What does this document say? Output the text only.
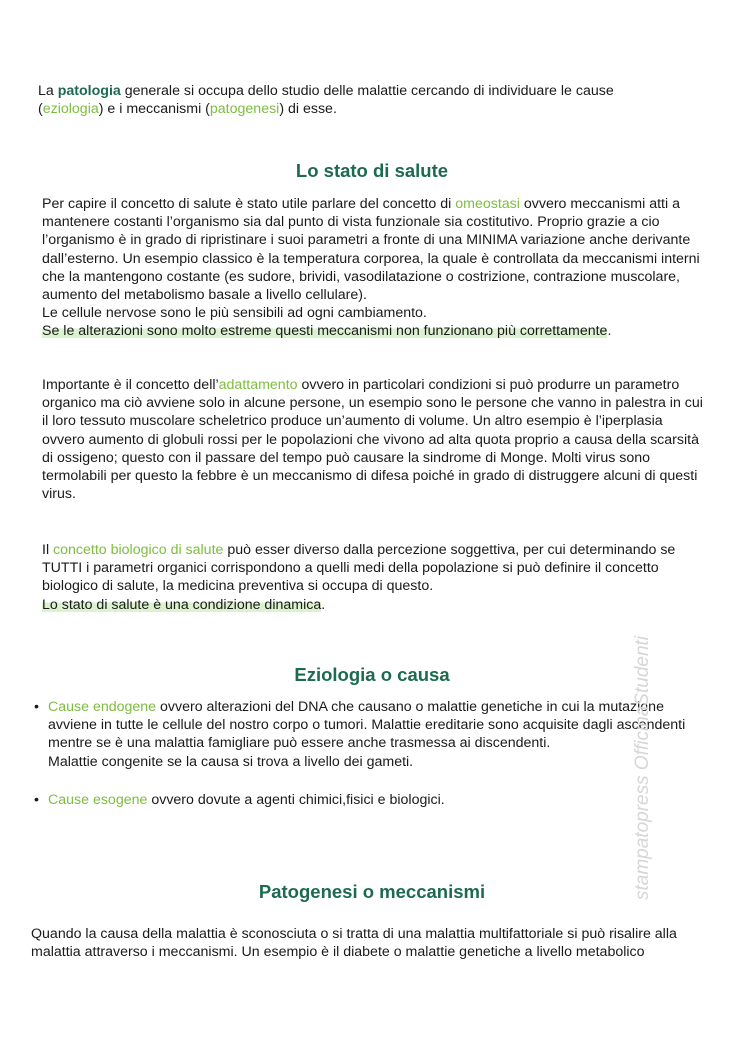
La patologia generale si occupa dello studio delle malattie cercando di individuare le cause (eziologia) e i meccanismi (patogenesi) di esse.

Lo stato di salute

Per capire il concetto di salute è stato utile parlare del concetto di omeostasi ovvero meccanismi atti a mantenere costanti l’organismo sia dal punto di vista funzionale sia costitutivo. Proprio grazie a cio l’organismo è in grado di ripristinare i suoi parametri a fronte di una MINIMA variazione anche derivante dall’esterno. Un esempio classico è la temperatura corporea, la quale è controllata da meccanismi interni che la mantengono costante (es sudore, brividi, vasodilatazione o costrizione, contrazione muscolare, aumento del metabolismo basale a livello cellulare).
Le cellule nervose sono le più sensibili ad ogni cambiamento.
Se le alterazioni sono molto estreme questi meccanismi non funzionano più correttamente.

Importante è il concetto dell’adattamento ovvero in particolari condizioni si può produrre un parametro organico ma ciò avviene solo in alcune persone, un esempio sono le persone che vanno in palestra in cui il loro tessuto muscolare scheletrico produce un’aumento di volume. Un altro esempio è l’iperplasia ovvero aumento di globuli rossi per le popolazioni che vivono ad alta quota proprio a causa della scarsità di ossigeno; questo con il passare del tempo può causare la sindrome di Monge. Molti virus sono termolabili per questo la febbre è un meccanismo di difesa poiché in grado di distruggere alcuni di questi virus.

Il concetto biologico di salute può esser diverso dalla percezione soggettiva, per cui determinando se TUTTI i parametri organici corrispondono a quelli medi della popolazione si può definire il concetto biologico di salute, la medicina preventiva si occupa di questo.
Lo stato di salute è una condizione dinamica.

Eziologia o causa
• Cause endogene ovvero alterazioni del DNA che causano o malattie genetiche in cui la mutazione     avviene in tutte le cellule del nostro corpo o tumori. Malattie ereditarie sono acquisite dagli ascendenti mentre se è una malattia famigliare può essere anche trasmessa ai discendenti.
Malattie congenite se la causa si trova a livello dei gameti.
• Cause esogene ovvero dovute a agenti chimici,fisici e biologici.
Patogenesi o meccanismi

Quando la causa della malattia è sconosciuta o si tratta di una malattia multifattoriale si può risalire alla malattia attraverso i meccanismi. Un esempio è il diabete o malattie genetiche a livello metabolico

stampatopress OfficinaStudenti
